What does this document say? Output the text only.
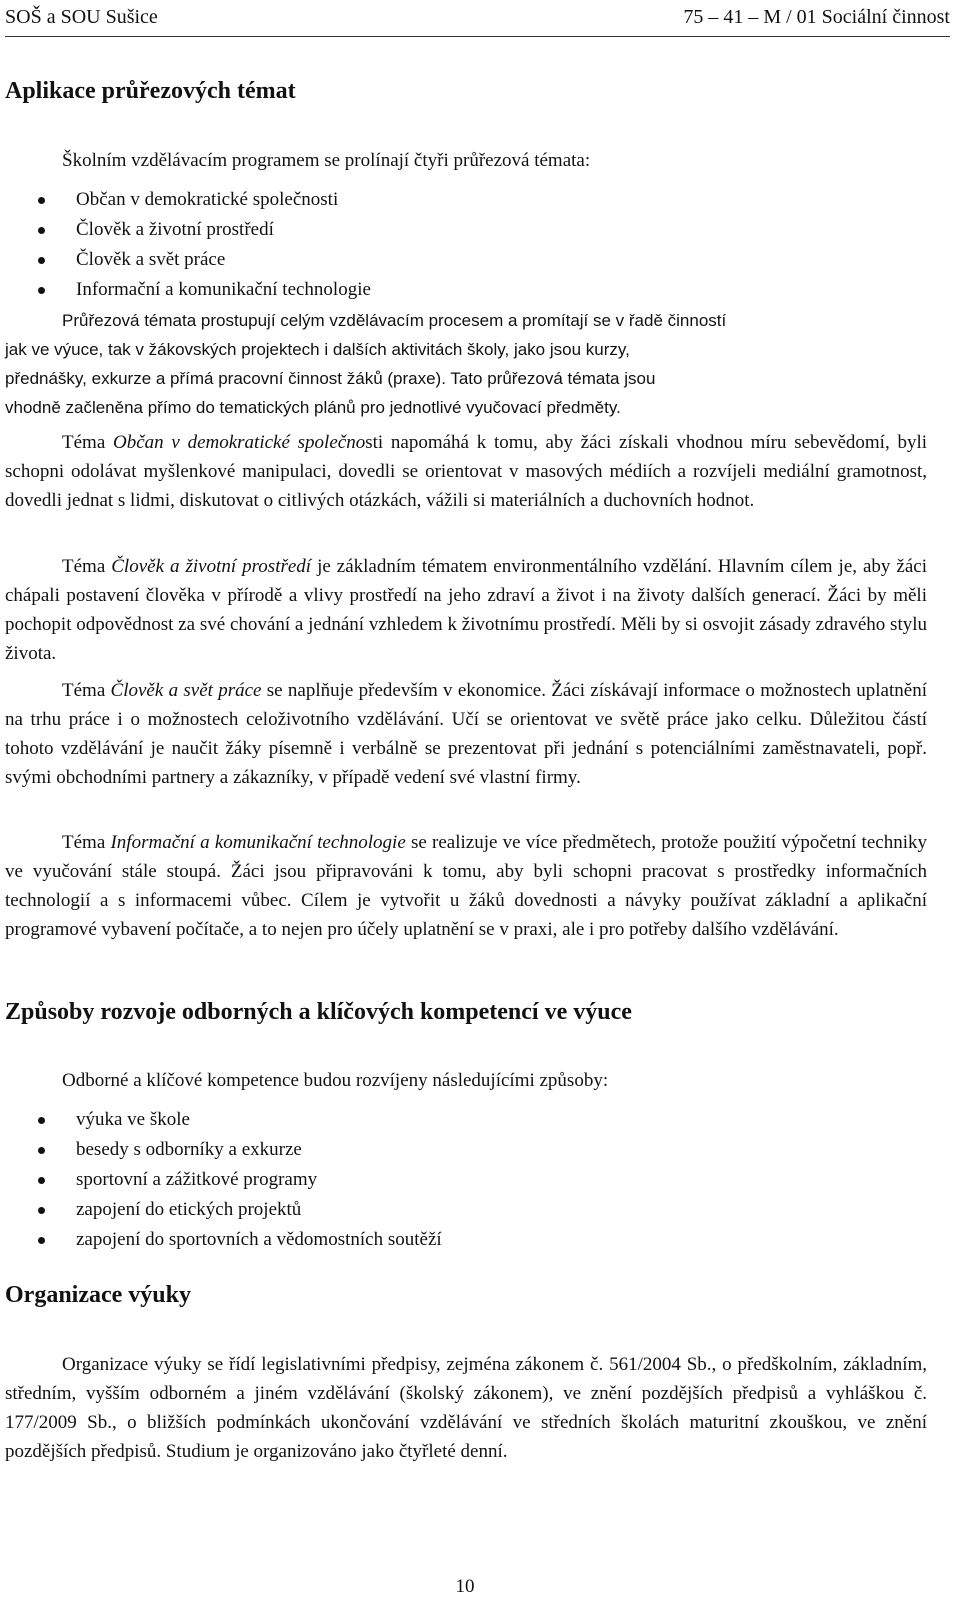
SOŠ a SOU Sušice	75 – 41 – M / 01 Sociální činnost
Aplikace průřezových témat

Školním vzdělávacím programem se prolínají čtyři průřezová témata:

Občan v demokratické společnosti
Člověk a životní prostředí
Člověk a svět práce
Informační a komunikační technologie
Průřezová témata prostupují celým vzdělávacím procesem a promítají se v řadě činností
jak ve výuce, tak v žákovských projektech i dalších aktivitách školy, jako jsou kurzy,
přednášky, exkurze a přímá pracovní činnost žáků (praxe). Tato průřezová témata jsou
vhodně začleněna přímo do tematických plánů pro jednotlivé vyučovací předměty.

Téma Občan v demokratické společnosti napomáhá k tomu, aby žáci získali vhodnou míru sebevědomí, byli schopni odolávat myšlenkové manipulaci, dovedli se orientovat v masových médiích a rozvíjeli mediální gramotnost, dovedli jednat s lidmi, diskutovat o citlivých otázkách, vážili si materiálních a duchovních hodnot.

Téma Člověk a životní prostředí je základním tématem environmentálního vzdělání. Hlavním cílem je, aby žáci chápali postavení člověka v přírodě a vlivy prostředí na jeho zdraví a život i na životy dalších generací. Žáci by měli pochopit odpovědnost za své chování a jednání vzhledem k životnímu prostředí. Měli by si osvojit zásady zdravého stylu života.

Téma Člověk a svět práce se naplňuje především v ekonomice. Žáci získávají informace o možnostech uplatnění na trhu práce i o možnostech celoživotního vzdělávání. Učí se orientovat ve světě práce jako celku. Důležitou částí tohoto vzdělávání je naučit žáky písemně i verbálně se prezentovat při jednání s potenciálními zaměstnavateli, popř. svými obchodními partnery a zákazníky, v případě vedení své vlastní firmy.

Téma Informační a komunikační technologie se realizuje ve více předmětech, protože použití výpočetní techniky ve vyučování stále stoupá. Žáci jsou připravováni k tomu, aby byli schopni pracovat s prostředky informačních technologií a s informacemi vůbec. Cílem je vytvořit u žáků dovednosti a návyky používat základní a aplikační programové vybavení počítače, a to nejen pro účely uplatnění se v praxi, ale i pro potřeby dalšího vzdělávání.

Způsoby rozvoje odborných a klíčových kompetencí ve výuce

Odborné a klíčové kompetence budou rozvíjeny následujícími způsoby:

výuka ve škole
besedy s odborníky a exkurze
sportovní a zážitkové programy
zapojení do etických projektů
zapojení do sportovních a vědomostních soutěží
Organizace výuky

Organizace výuky se řídí legislativními předpisy, zejména zákonem č. 561/2004 Sb., o předškolním, základním, středním, vyšším odborném a jiném vzdělávání (školský zákonem), ve znění pozdějších předpisů a vyhláškou č. 177/2009 Sb., o bližších podmínkách ukončování vzdělávání ve středních školách maturitní zkouškou, ve znění pozdějších předpisů. Studium je organizováno jako čtyřleté denní.

10
